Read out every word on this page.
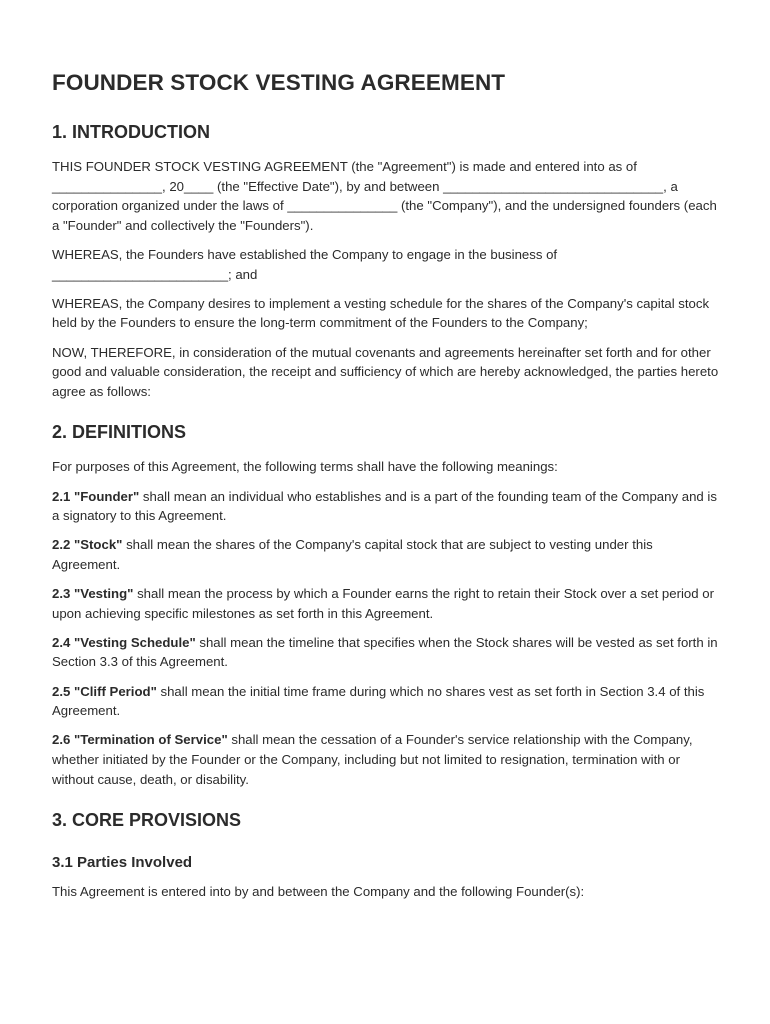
FOUNDER STOCK VESTING AGREEMENT
1. INTRODUCTION

THIS FOUNDER STOCK VESTING AGREEMENT (the "Agreement") is made and entered into as of _______________, 20____ (the "Effective Date"), by and between ______________________________, a corporation organized under the laws of _______________ (the "Company"), and the undersigned founders (each a "Founder" and collectively the "Founders").

WHEREAS, the Founders have established the Company to engage in the business of ________________________; and

WHEREAS, the Company desires to implement a vesting schedule for the shares of the Company's capital stock held by the Founders to ensure the long-term commitment of the Founders to the Company;

NOW, THEREFORE, in consideration of the mutual covenants and agreements hereinafter set forth and for other good and valuable consideration, the receipt and sufficiency of which are hereby acknowledged, the parties hereto agree as follows:

2. DEFINITIONS

For purposes of this Agreement, the following terms shall have the following meanings:

2.1 "Founder" shall mean an individual who establishes and is a part of the founding team of the Company and is a signatory to this Agreement.

2.2 "Stock" shall mean the shares of the Company's capital stock that are subject to vesting under this Agreement.

2.3 "Vesting" shall mean the process by which a Founder earns the right to retain their Stock over a set period or upon achieving specific milestones as set forth in this Agreement.

2.4 "Vesting Schedule" shall mean the timeline that specifies when the Stock shares will be vested as set forth in Section 3.3 of this Agreement.

2.5 "Cliff Period" shall mean the initial time frame during which no shares vest as set forth in Section 3.4 of this Agreement.

2.6 "Termination of Service" shall mean the cessation of a Founder's service relationship with the Company, whether initiated by the Founder or the Company, including but not limited to resignation, termination with or without cause, death, or disability.

3. CORE PROVISIONS
3.1 Parties Involved

This Agreement is entered into by and between the Company and the following Founder(s):
